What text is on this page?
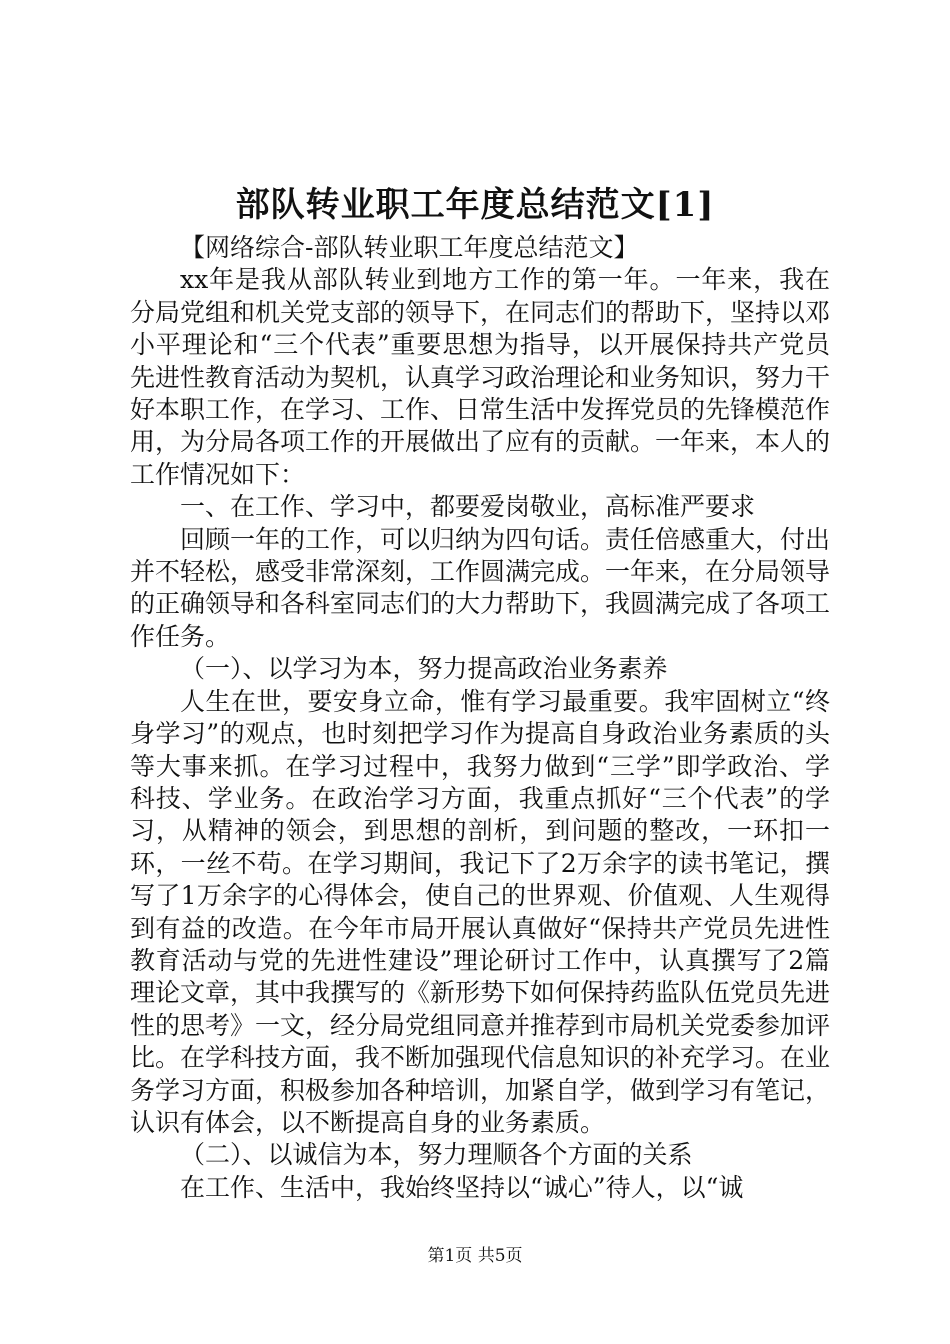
部队转业职工年度总结范文[1]

【网络综合-部队转业职工年度总结范文】

xx年是我从部队转业到地方工作的第一年。一年来，我在分局党组和机关党支部的领导下，在同志们的帮助下，坚持以邓小平理论和“三个代表”重要思想为指导，以开展保持共产党员先进性教育活动为契机，认真学习政治理论和业务知识，努力干好本职工作，在学习、工作、日常生活中发挥党员的先锋模范作用，为分局各项工作的开展做出了应有的贡献。一年来，本人的工作情况如下：

一、在工作、学习中，都要爱岗敬业，高标准严要求

回顾一年的工作，可以归纳为四句话。责任倍感重大，付出并不轻松，感受非常深刻，工作圆满完成。一年来，在分局领导的正确领导和各科室同志们的大力帮助下，我圆满完成了各项工作任务。

（一）、以学习为本，努力提高政治业务素养

人生在世，要安身立命，惟有学习最重要。我牢固树立“终身学习”的观点，也时刻把学习作为提高自身政治业务素质的头等大事来抓。在学习过程中，我努力做到“三学”即学政治、学科技、学业务。在政治学习方面，我重点抓好“三个代表”的学习，从精神的领会，到思想的剖析，到问题的整改，一环扣一环，一丝不苟。在学习期间，我记下了2万余字的读书笔记，撰写了1万余字的心得体会，使自己的世界观、价值观、人生观得到有益的改造。在今年市局开展认真做好“保持共产党员先进性教育活动与党的先进性建设”理论研讨工作中，认真撰写了2篇理论文章，其中我撰写的《新形势下如何保持药监队伍党员先进性的思考》一文，经分局党组同意并推荐到市局机关党委参加评比。在学科技方面，我不断加强现代信息知识的补充学习。在业务学习方面，积极参加各种培训，加紧自学，做到学习有笔记，认识有体会，以不断提高自身的业务素质。

（二）、以诚信为本，努力理顺各个方面的关系

在工作、生活中，我始终坚持以“诚心”待人，以“诚

第1页 共5页
